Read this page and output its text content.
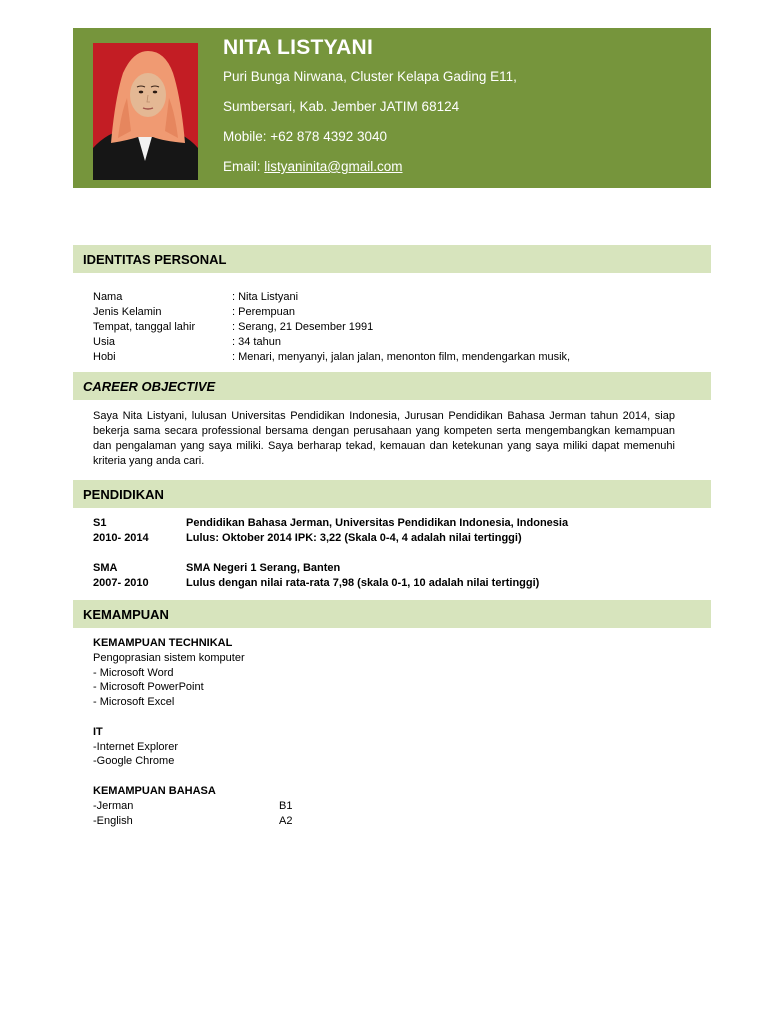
NITA LISTYANI
Puri Bunga Nirwana, Cluster Kelapa Gading E11,
Sumbersari, Kab. Jember JATIM 68124
Mobile: +62 878 4392 3040
Email: listyaninita@gmail.com
IDENTITAS PERSONAL
Nama	: Nita Listyani
Jenis Kelamin	: Perempuan
Tempat, tanggal lahir	: Serang, 21 Desember 1991
Usia	: 34 tahun
Hobi	: Menari, menyanyi, jalan jalan, menonton film, mendengarkan musik,
CAREER OBJECTIVE
Saya Nita Listyani, lulusan Universitas Pendidikan Indonesia, Jurusan Pendidikan Bahasa Jerman tahun 2014, siap bekerja sama secara professional bersama dengan perusahaan yang kompeten serta mengembangkan kemampuan dan pengalaman yang saya miliki. Saya berharap tekad, kemauan dan ketekunan yang saya miliki dapat memenuhi kriteria yang anda cari.
PENDIDIKAN
S1	Pendidikan Bahasa Jerman, Universitas Pendidikan Indonesia, Indonesia
2010- 2014	Lulus: Oktober 2014 IPK: 3,22 (Skala 0-4, 4 adalah nilai tertinggi)
SMA	SMA Negeri 1 Serang, Banten
2007- 2010	Lulus dengan nilai rata-rata 7,98 (skala 0-1, 10 adalah nilai tertinggi)
KEMAMPUAN
KEMAMPUAN TECHNIKAL
Pengoprasian sistem komputer
- Microsoft Word
- Microsoft PowerPoint
- Microsoft Excel
IT
-Internet Explorer
-Google Chrome
KEMAMPUAN BAHASA
-Jerman	B1
-English	A2
